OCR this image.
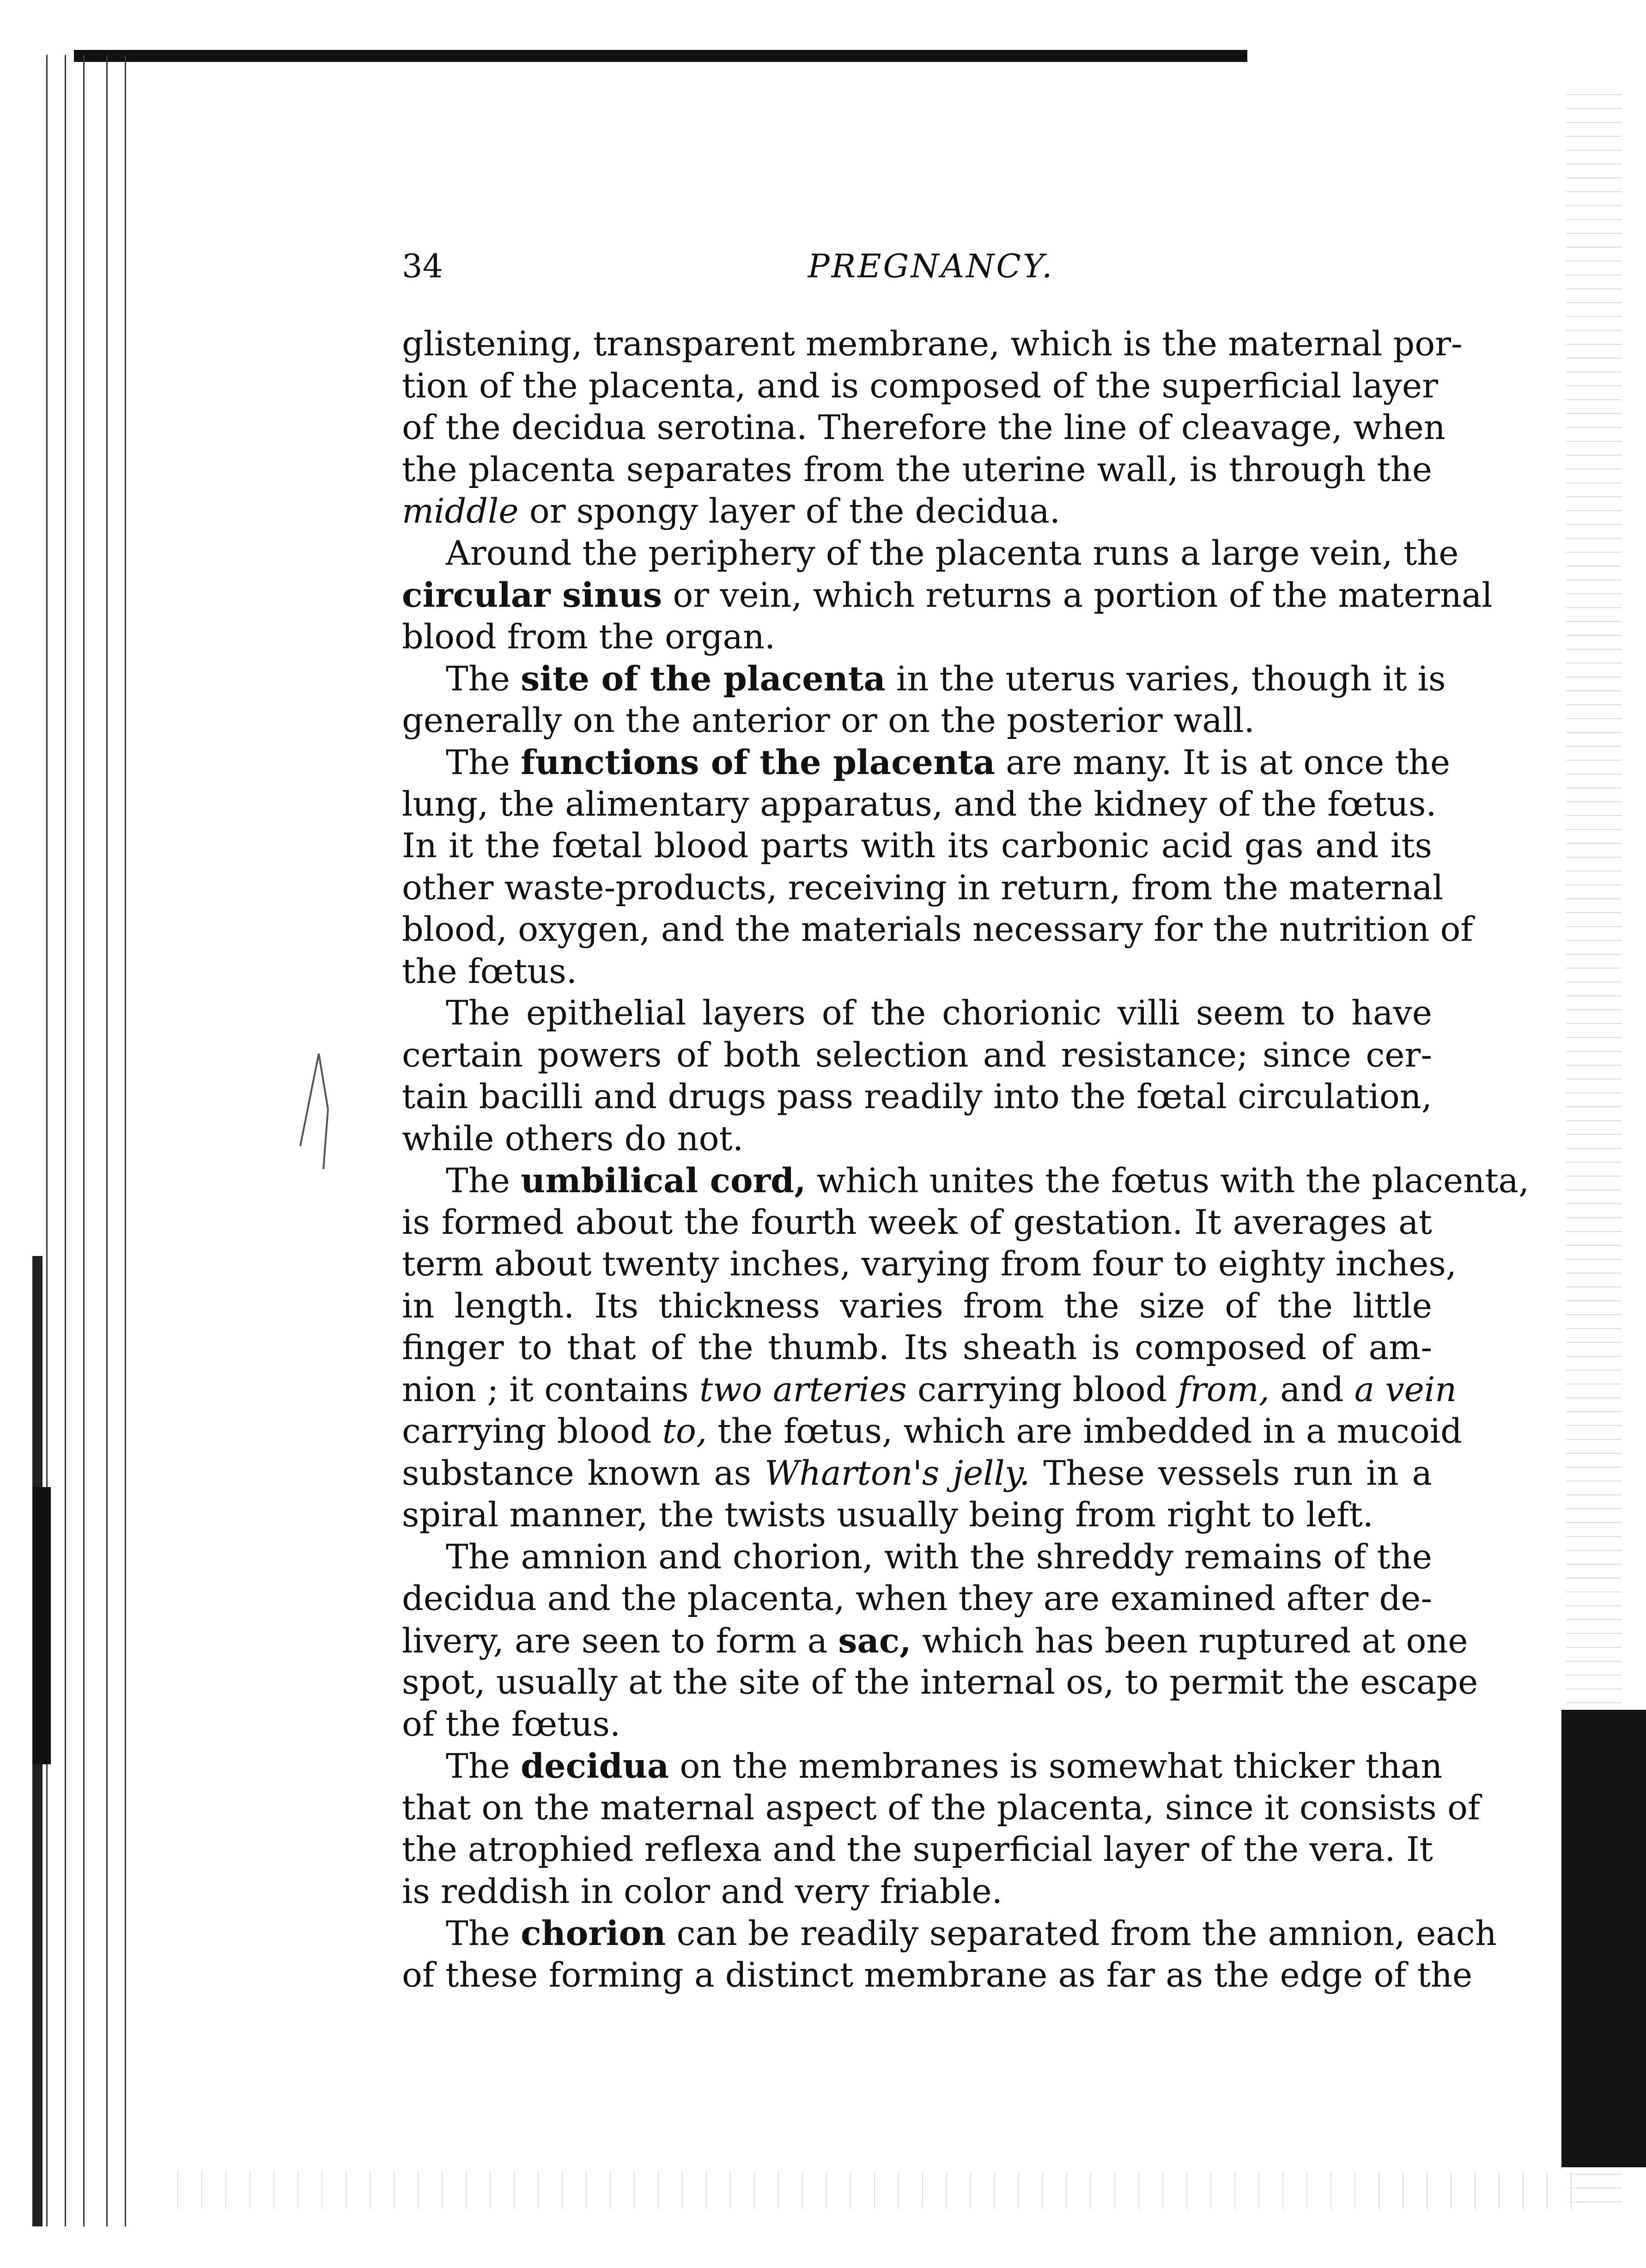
34	PREGNANCY.
glistening, transparent membrane, which is the maternal por-
tion of the placenta, and is composed of the superficial layer
of the decidua serotina. Therefore the line of cleavage, when
the placenta separates from the uterine wall, is through the
middle or spongy layer of the decidua.
Around the periphery of the placenta runs a large vein, the
circular sinus or vein, which returns a portion of the maternal
blood from the organ.
The site of the placenta in the uterus varies, though it is
generally on the anterior or on the posterior wall.
The functions of the placenta are many. It is at once the
lung, the alimentary apparatus, and the kidney of the fœtus.
In it the fœtal blood parts with its carbonic acid gas and its
other waste-products, receiving in return, from the maternal
blood, oxygen, and the materials necessary for the nutrition of
the fœtus.
The epithelial layers of the chorionic villi seem to have
certain powers of both selection and resistance; since cer-
tain bacilli and drugs pass readily into the fœtal circulation,
while others do not.
The umbilical cord, which unites the fœtus with the placenta,
is formed about the fourth week of gestation. It averages at
term about twenty inches, varying from four to eighty inches,
in length. Its thickness varies from the size of the little
finger to that of the thumb. Its sheath is composed of am-
nion ; it contains two arteries carrying blood from, and a vein
carrying blood to, the fœtus, which are imbedded in a mucoid
substance known as Wharton's jelly. These vessels run in a
spiral manner, the twists usually being from right to left.
The amnion and chorion, with the shreddy remains of the
decidua and the placenta, when they are examined after de-
livery, are seen to form a sac, which has been ruptured at one
spot, usually at the site of the internal os, to permit the escape
of the fœtus.
The decidua on the membranes is somewhat thicker than
that on the maternal aspect of the placenta, since it consists of
the atrophied reflexa and the superficial layer of the vera. It
is reddish in color and very friable.
The chorion can be readily separated from the amnion, each
of these forming a distinct membrane as far as the edge of the
